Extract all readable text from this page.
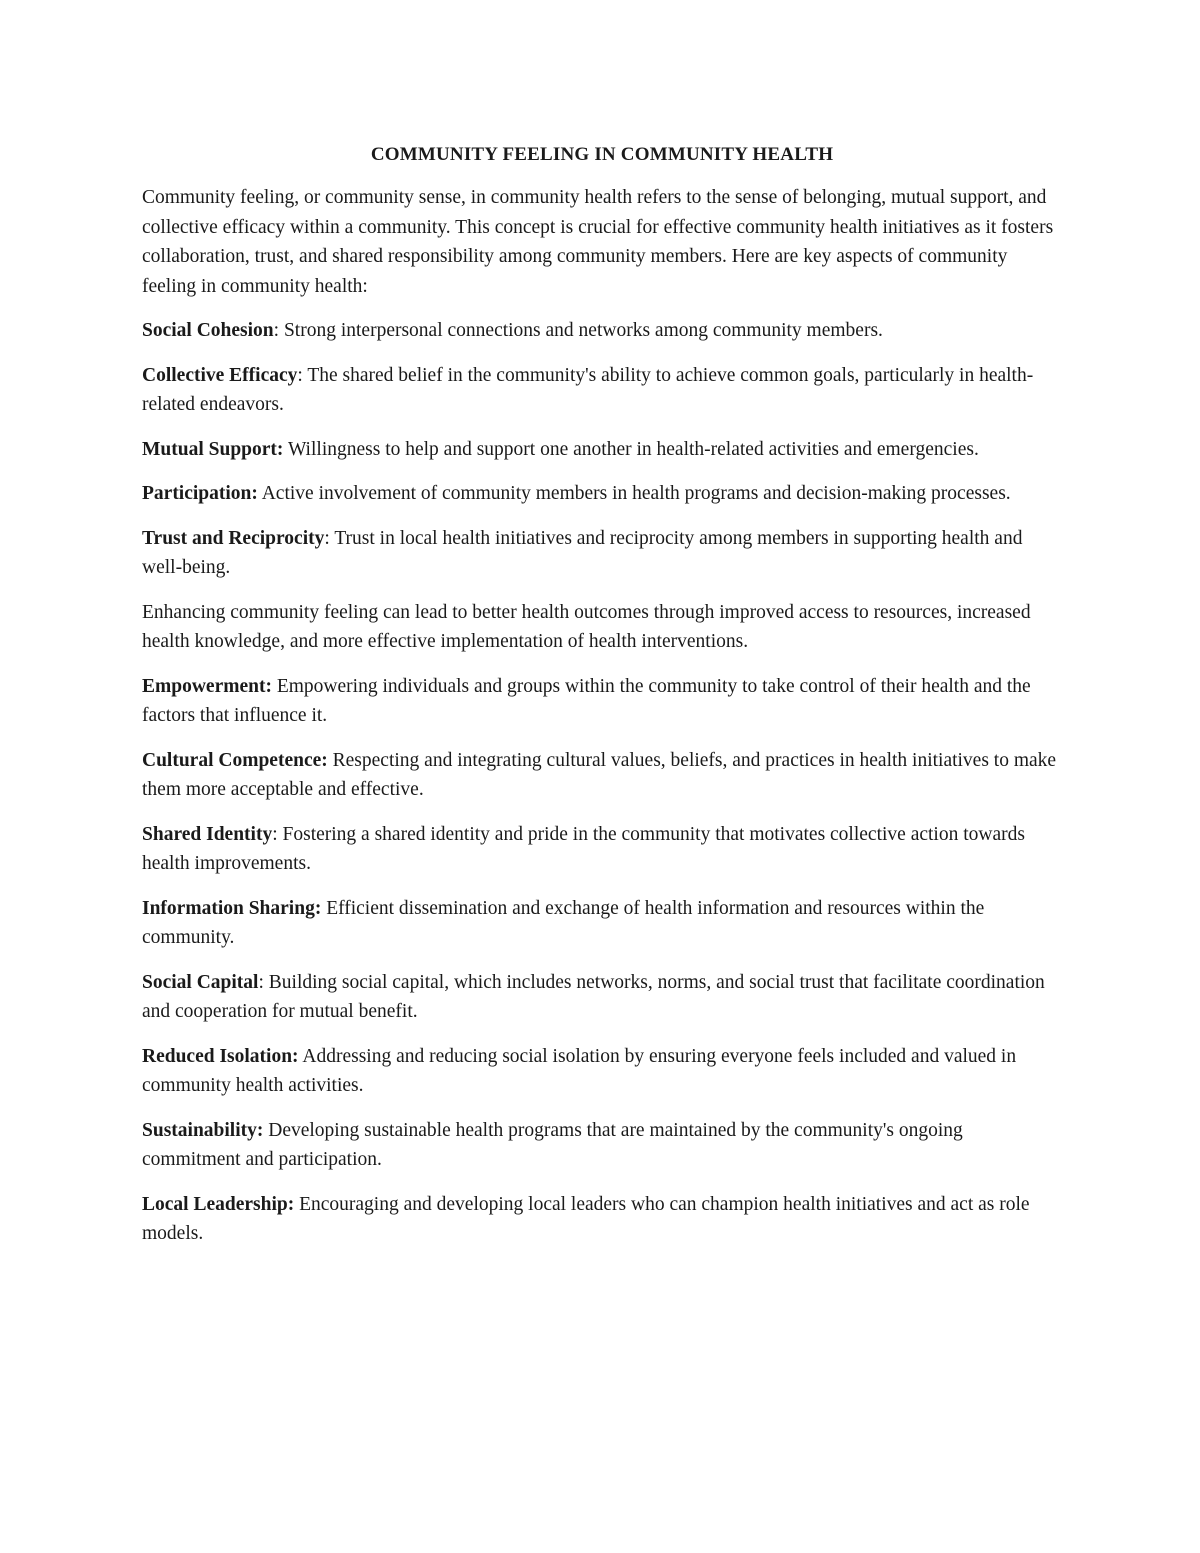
COMMUNITY FEELING IN COMMUNITY HEALTH

Community feeling, or community sense, in community health refers to the sense of belonging, mutual support, and collective efficacy within a community. This concept is crucial for effective community health initiatives as it fosters collaboration, trust, and shared responsibility among community members. Here are key aspects of community feeling in community health:

Social Cohesion: Strong interpersonal connections and networks among community members.

Collective Efficacy: The shared belief in the community's ability to achieve common goals, particularly in health-related endeavors.

Mutual Support: Willingness to help and support one another in health-related activities and emergencies.

Participation: Active involvement of community members in health programs and decision-making processes.

Trust and Reciprocity: Trust in local health initiatives and reciprocity among members in supporting health and well-being.

Enhancing community feeling can lead to better health outcomes through improved access to resources, increased health knowledge, and more effective implementation of health interventions.

Empowerment: Empowering individuals and groups within the community to take control of their health and the factors that influence it.

Cultural Competence: Respecting and integrating cultural values, beliefs, and practices in health initiatives to make them more acceptable and effective.

Shared Identity: Fostering a shared identity and pride in the community that motivates collective action towards health improvements.

Information Sharing: Efficient dissemination and exchange of health information and resources within the community.

Social Capital: Building social capital, which includes networks, norms, and social trust that facilitate coordination and cooperation for mutual benefit.

Reduced Isolation: Addressing and reducing social isolation by ensuring everyone feels included and valued in community health activities.

Sustainability: Developing sustainable health programs that are maintained by the community's ongoing commitment and participation.

Local Leadership: Encouraging and developing local leaders who can champion health initiatives and act as role models.
